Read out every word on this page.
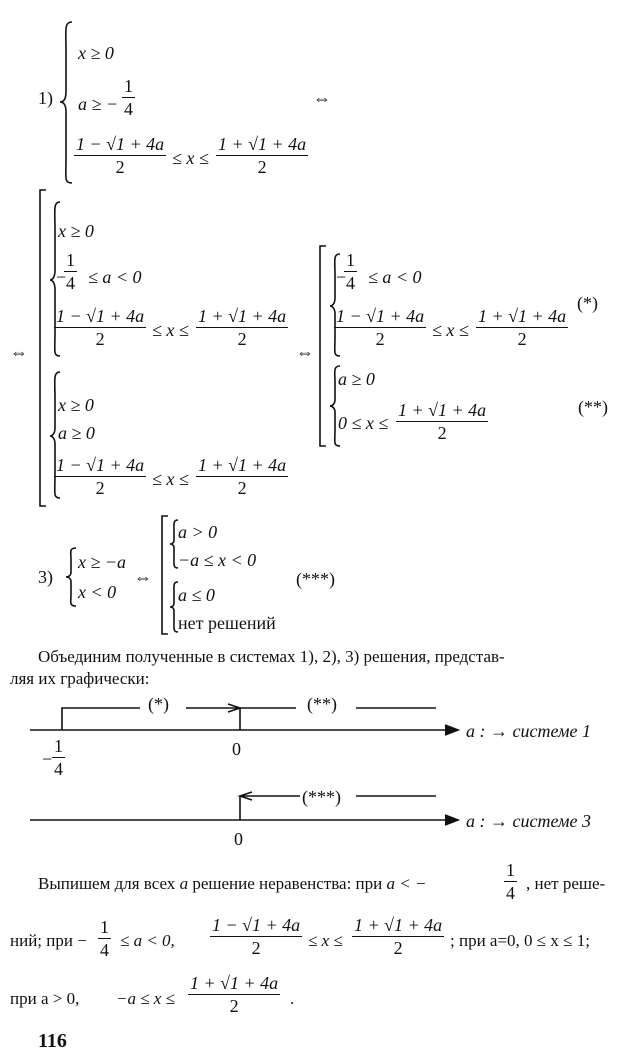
1)
x ≥ 0
a ≥ −
1
4
1 − √1 + 4a
2	≤ x ≤
1 + √1 + 4a
2
⇔
⇔
x ≥ 0
−
1
4 ≤ a < 0
1 − √1 + 4a
2	≤ x ≤
1 + √1 + 4a
2
x ≥ 0
a ≥ 0
1 − √1 + 4a
2	≤ x ≤
1 + √1 + 4a
2
⇔
−
1
4 ≤ a < 0
1 − √1 + 4a
2	≤ x ≤
1 + √1 + 4a
2
(*)
a ≥ 0
0 ≤ x ≤
1 + √1 + 4a
2
(**)
3)
x ≥ −a
x < 0
⇔
a > 0
−a ≤ x < 0
a ≤ 0
нет решений
(***)
Объединим полученные в системах 1), 2), 3) решения, представ-
ляя их графически:
(*)	(**)
a : → системе 1
−
1
4
0
(***)
a : → системе 3
0
Выпишем для всех a решение неравенства: при a < −
1
4 , нет реше-
ний; при −
1
4 ≤ a < 0,
1 − √1 + 4a
2	≤ x ≤
1 + √1 + 4a
2	; при a=0, 0 ≤ x ≤ 1;
при a > 0, −a ≤ x ≤
1 + √1 + 4a
2	.
116
